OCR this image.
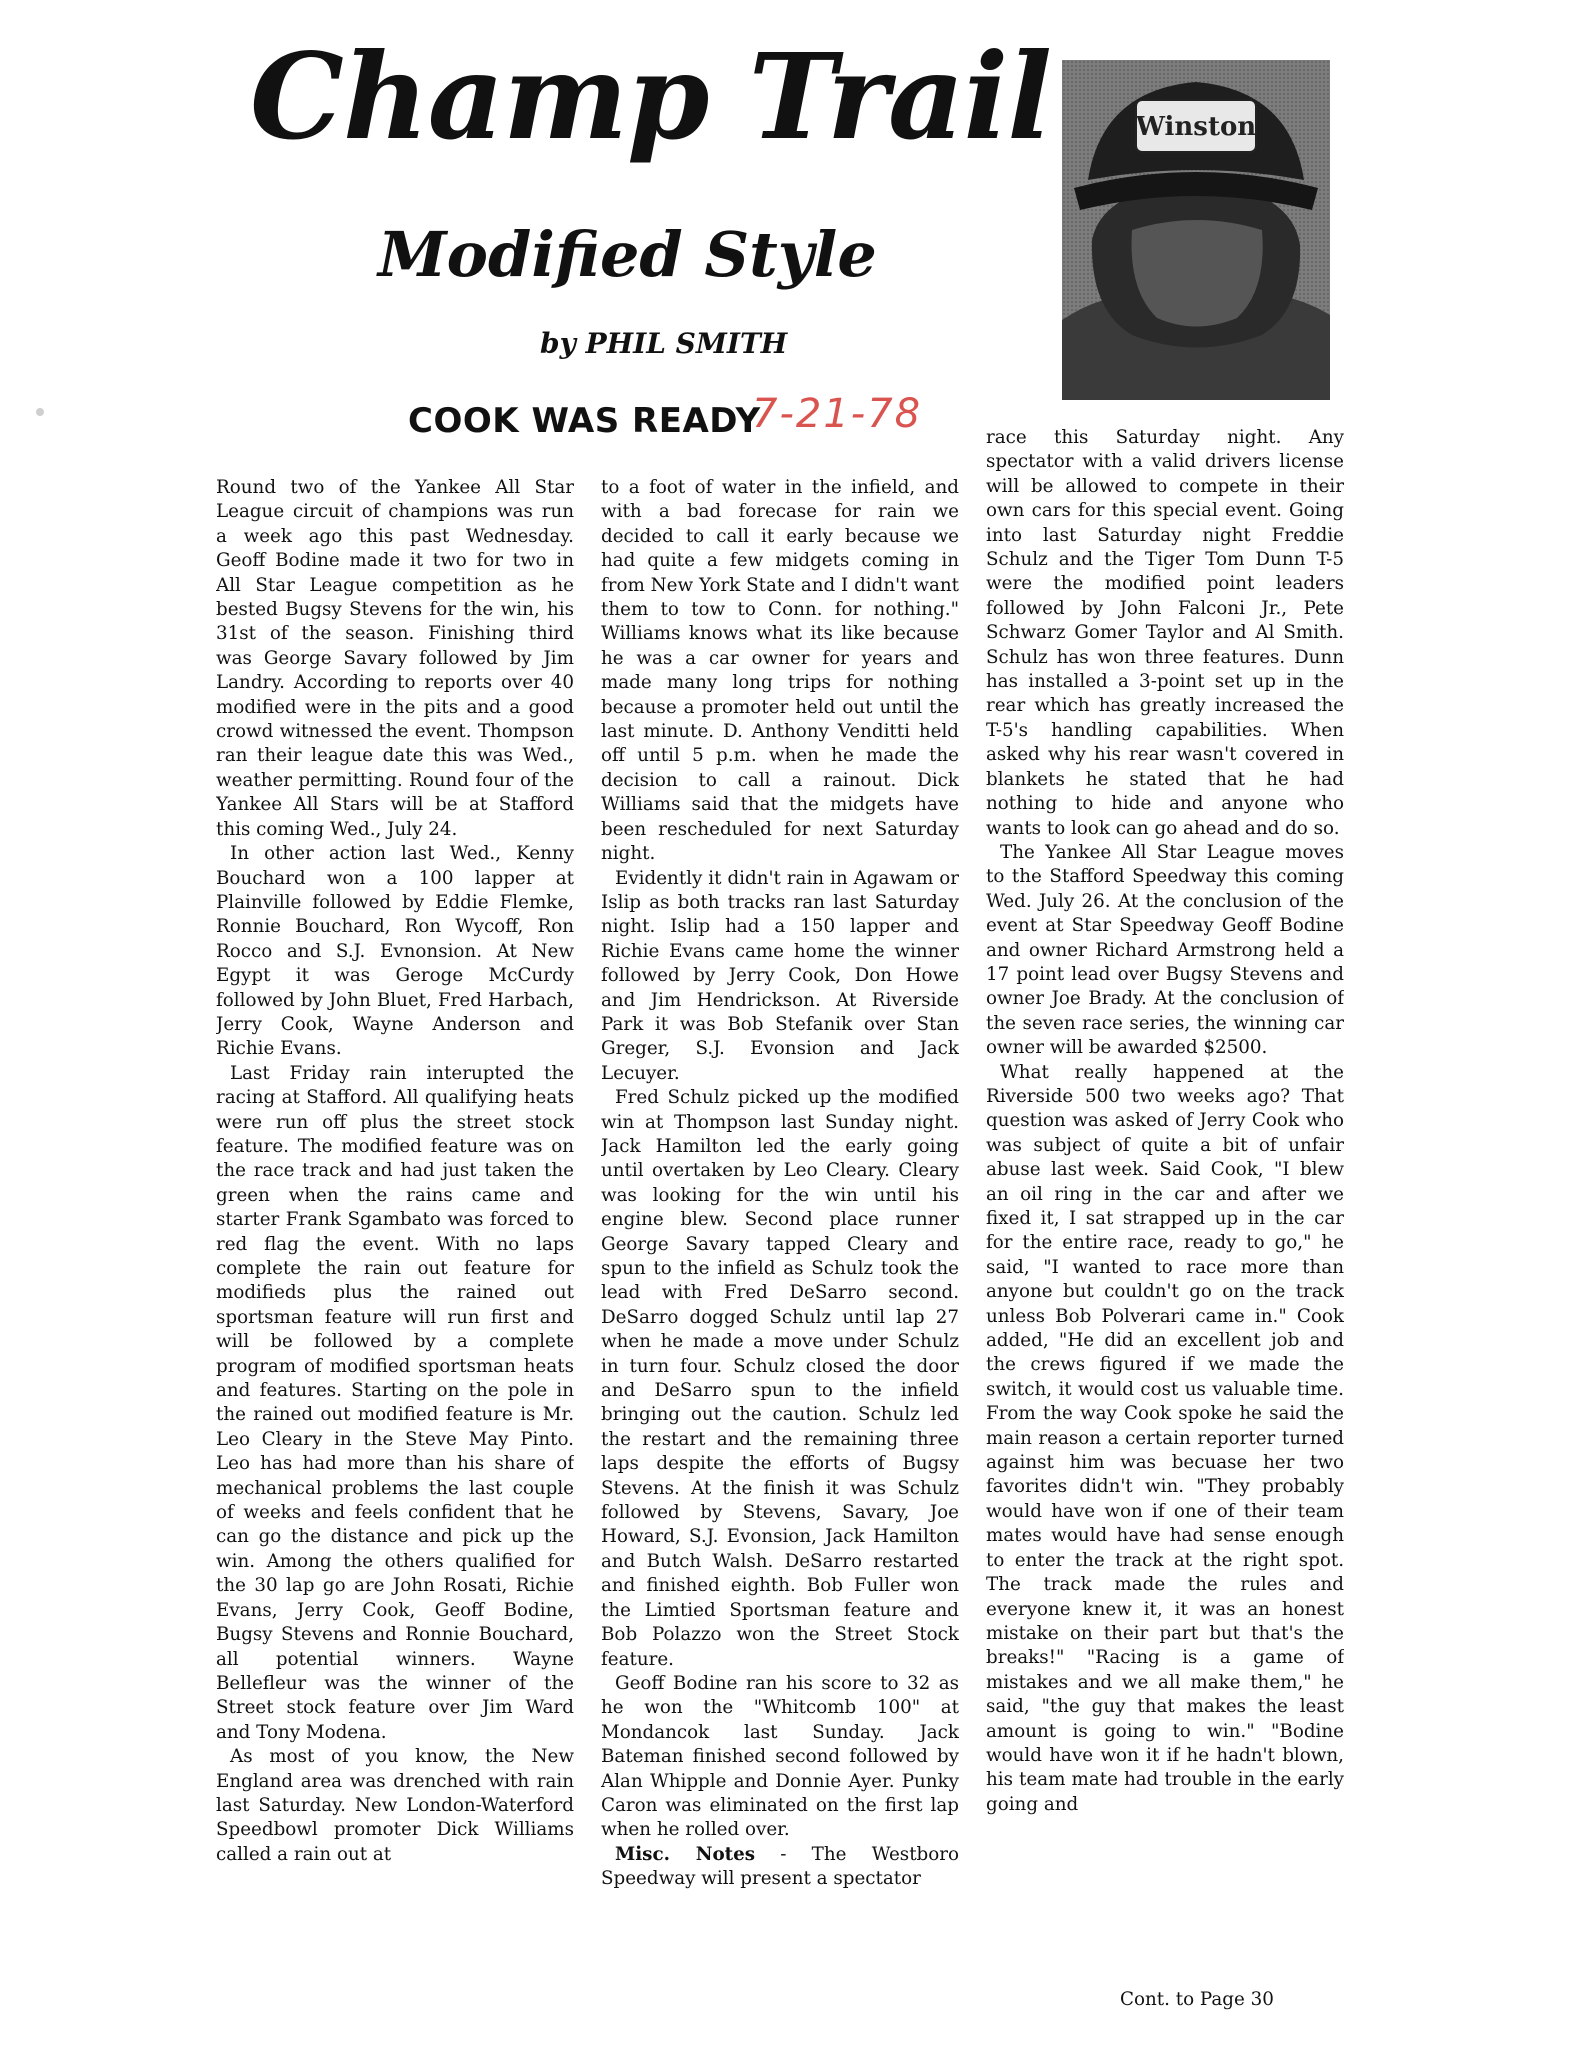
Champ Trail
Modified Style
by PHIL SMITH
COOK WAS READY
7-21-78
Winston

Round two of the Yankee All Star League circuit of champions was run a week ago this past Wednesday. Geoff Bodine made it two for two in All Star League competition as he bested Bugsy Stevens for the win, his 31st of the season. Finishing third was George Savary followed by Jim Landry. According to reports over 40 modified were in the pits and a good crowd witnessed the event. Thompson ran their league date this was Wed., weather permitting. Round four of the Yankee All Stars will be at Stafford this coming Wed., July 24.

In other action last Wed., Kenny Bouchard won a 100 lapper at Plainville followed by Eddie Flemke, Ronnie Bouchard, Ron Wycoff, Ron Rocco and S.J. Evnonsion. At New Egypt it was Geroge McCurdy followed by John Bluet, Fred Harbach, Jerry Cook, Wayne Anderson and Richie Evans.

Last Friday rain interupted the racing at Stafford. All qualifying heats were run off plus the street stock feature. The modified feature was on the race track and had just taken the green when the rains came and starter Frank Sgambato was forced to red flag the event. With no laps complete the rain out feature for modifieds plus the rained out sportsman feature will run first and will be followed by a complete program of modified sportsman heats and features. Starting on the pole in the rained out modified feature is Mr. Leo Cleary in the Steve May Pinto. Leo has had more than his share of mechanical problems the last couple of weeks and feels confident that he can go the distance and pick up the win. Among the others qualified for the 30 lap go are John Rosati, Richie Evans, Jerry Cook, Geoff Bodine, Bugsy Stevens and Ronnie Bouchard, all potential winners. Wayne Bellefleur was the winner of the Street stock feature over Jim Ward and Tony Modena.

As most of you know, the New England area was drenched with rain last Saturday. New London-Waterford Speedbowl promoter Dick Williams called a rain out at

to a foot of water in the infield, and with a bad forecase for rain we decided to call it early because we had quite a few midgets coming in from New York State and I didn't want them to tow to Conn. for nothing." Williams knows what its like because he was a car owner for years and made many long trips for nothing because a promoter held out until the last minute. D. Anthony Venditti held off until 5 p.m. when he made the decision to call a rainout. Dick Williams said that the midgets have been rescheduled for next Saturday night.

Evidently it didn't rain in Agawam or Islip as both tracks ran last Saturday night. Islip had a 150 lapper and Richie Evans came home the winner followed by Jerry Cook, Don Howe and Jim Hendrickson. At Riverside Park it was Bob Stefanik over Stan Greger, S.J. Evonsion and Jack Lecuyer.

Fred Schulz picked up the modified win at Thompson last Sunday night. Jack Hamilton led the early going until overtaken by Leo Cleary. Cleary was looking for the win until his engine blew. Second place runner George Savary tapped Cleary and spun to the infield as Schulz took the lead with Fred DeSarro second. DeSarro dogged Schulz until lap 27 when he made a move under Schulz in turn four. Schulz closed the door and DeSarro spun to the infield bringing out the caution. Schulz led the restart and the remaining three laps despite the efforts of Bugsy Stevens. At the finish it was Schulz followed by Stevens, Savary, Joe Howard, S.J. Evonsion, Jack Hamilton and Butch Walsh. DeSarro restarted and finished eighth. Bob Fuller won the Limtied Sportsman feature and Bob Polazzo won the Street Stock feature.

Geoff Bodine ran his score to 32 as he won the "Whitcomb 100" at Mondancok last Sunday. Jack Bateman finished second followed by Alan Whipple and Donnie Ayer. Punky Caron was eliminated on the first lap when he rolled over.

Misc. Notes - The Westboro Speedway will present a spectator

race this Saturday night. Any spectator with a valid drivers license will be allowed to compete in their own cars for this special event. Going into last Saturday night Freddie Schulz and the Tiger Tom Dunn T-5 were the modified point leaders followed by John Falconi Jr., Pete Schwarz Gomer Taylor and Al Smith. Schulz has won three features. Dunn has installed a 3-point set up in the rear which has greatly increased the T-5's handling capabilities. When asked why his rear wasn't covered in blankets he stated that he had nothing to hide and anyone who wants to look can go ahead and do so.

The Yankee All Star League moves to the Stafford Speedway this coming Wed. July 26. At the conclusion of the event at Star Speedway Geoff Bodine and owner Richard Armstrong held a 17 point lead over Bugsy Stevens and owner Joe Brady. At the conclusion of the seven race series, the winning car owner will be awarded $2500.

What really happened at the Riverside 500 two weeks ago? That question was asked of Jerry Cook who was subject of quite a bit of unfair abuse last week. Said Cook, "I blew an oil ring in the car and after we fixed it, I sat strapped up in the car for the entire race, ready to go," he said, "I wanted to race more than anyone but couldn't go on the track unless Bob Polverari came in." Cook added, "He did an excellent job and the crews figured if we made the switch, it would cost us valuable time. From the way Cook spoke he said the main reason a certain reporter turned against him was becuase her two favorites didn't win. "They probably would have won if one of their team mates would have had sense enough to enter the track at the right spot. The track made the rules and everyone knew it, it was an honest mistake on their part but that's the breaks!" "Racing is a game of mistakes and we all make them," he said, "the guy that makes the least amount is going to win." "Bodine would have won it if he hadn't blown, his team mate had trouble in the early going and

Cont. to Page 30
